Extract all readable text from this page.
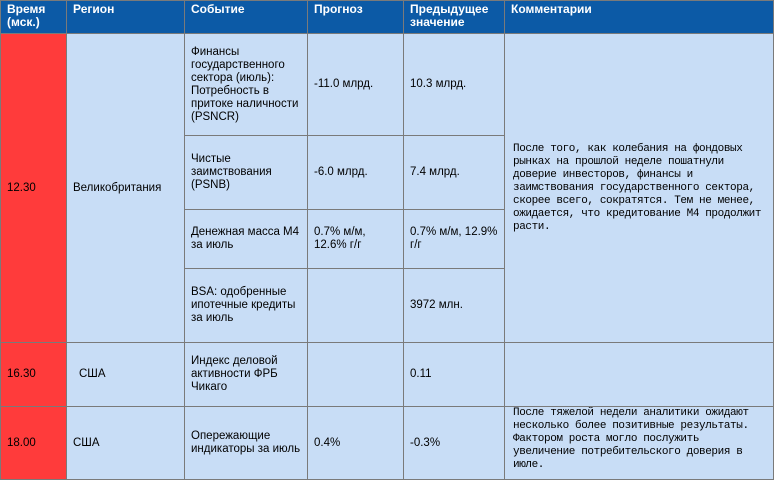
Время (мск.)	Регион	Событие	Прогноз	Предыдущее значение	Комментарии
12.30	Великобритания	Финансы государственного сектора (июль): Потребность в притоке наличности (PSNCR)	-11.0 млрд.	10.3 млрд.	После того, как колебания на фондовых рынках на прошлой неделе пошатнули доверие инвесторов, финансы и заимствования государственного сектора, скорее всего, сократятся. Тем не менее, ожидается, что кредитование М4 продолжит расти.
		Чистые заимствования (PSNB)	-6.0 млрд.	7.4 млрд.	
		Денежная масса M4 за июль	0.7% м/м, 12.6% г/г	0.7% м/м, 12.9% г/г	
		BSA: одобренные ипотечные кредиты за июль		3972 млн.	
16.30	США	Индекс деловой активности ФРБ Чикаго		0.11	
18.00	США	Опережающие индикаторы за июль	0.4%	-0.3%	После тяжелой недели аналитики ожидают несколько более позитивные результаты. Фактором роста могло послужить увеличение потребительского доверия в июле.
